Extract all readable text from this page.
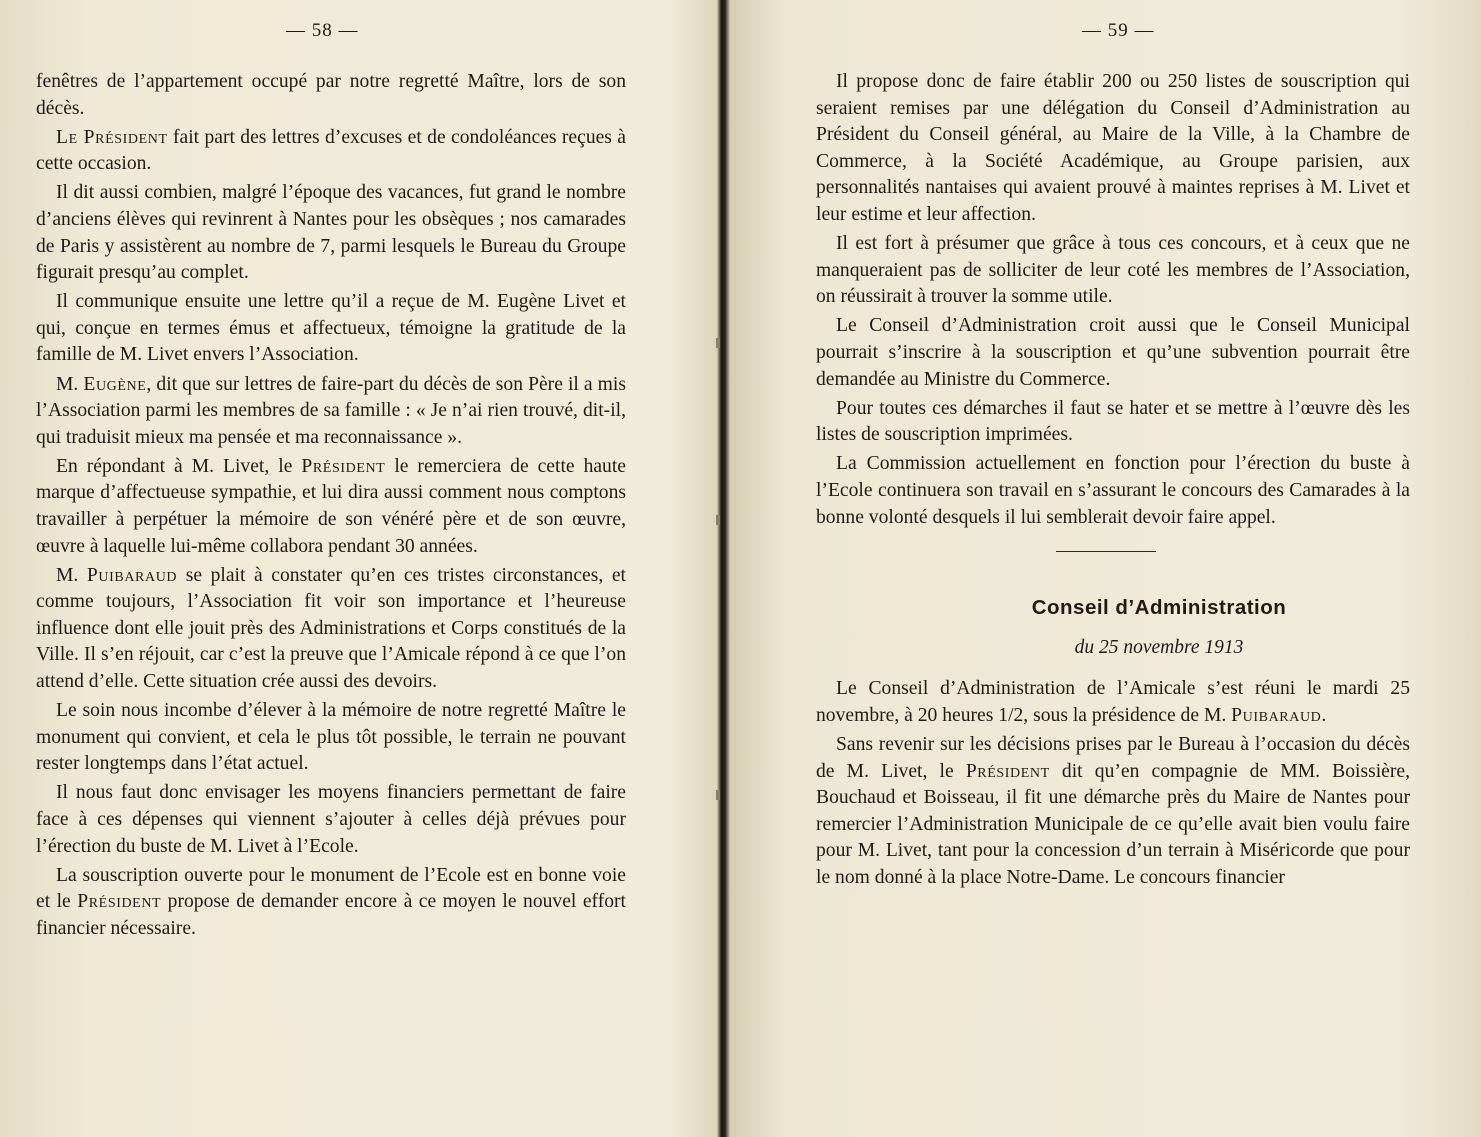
— 58 —

fenêtres de l’appartement occupé par notre regretté Maître, lors de son décès.

Le Président fait part des lettres d’excuses et de condoléances reçues à cette occasion.

Il dit aussi combien, malgré l’époque des vacances, fut grand le nombre d’anciens élèves qui revinrent à Nantes pour les obsèques ; nos camarades de Paris y assistèrent au nombre de 7, parmi lesquels le Bureau du Groupe figurait presqu’au complet.

Il communique ensuite une lettre qu’il a reçue de M. Eugène Livet et qui, conçue en termes émus et affectueux, témoigne la gratitude de la famille de M. Livet envers l’Association.

M. Eugène, dit que sur lettres de faire-part du décès de son Père il a mis l’Association parmi les membres de sa famille : « Je n’ai rien trouvé, dit-il, qui traduisit mieux ma pensée et ma reconnaissance ».

En répondant à M. Livet, le Président le remerciera de cette haute marque d’affectueuse sympathie, et lui dira aussi comment nous comptons travailler à perpétuer la mémoire de son vénéré père et de son œuvre, œuvre à laquelle lui-même collabora pendant 30 années.

M. Puibaraud se plait à constater qu’en ces tristes circonstances, et comme toujours, l’Association fit voir son importance et l’heureuse influence dont elle jouit près des Administrations et Corps constitués de la Ville. Il s’en réjouit, car c’est la preuve que l’Amicale répond à ce que l’on attend d’elle. Cette situation crée aussi des devoirs.

Le soin nous incombe d’élever à la mémoire de notre regretté Maître le monument qui convient, et cela le plus tôt possible, le terrain ne pouvant rester longtemps dans l’état actuel.

Il nous faut donc envisager les moyens financiers permettant de faire face à ces dépenses qui viennent s’ajouter à celles déjà prévues pour l’érection du buste de M. Livet à l’Ecole.

La souscription ouverte pour le monument de l’Ecole est en bonne voie et le Président propose de demander encore à ce moyen le nouvel effort financier nécessaire.

— 59 —

Il propose donc de faire établir 200 ou 250 listes de souscription qui seraient remises par une délégation du Conseil d’Administration au Président du Conseil général, au Maire de la Ville, à la Chambre de Commerce, à la Société Académique, au Groupe parisien, aux personnalités nantaises qui avaient prouvé à maintes reprises à M. Livet et leur estime et leur affection.

Il est fort à présumer que grâce à tous ces concours, et à ceux que ne manqueraient pas de solliciter de leur coté les membres de l’Association, on réussirait à trouver la somme utile.

Le Conseil d’Administration croit aussi que le Conseil Municipal pourrait s’inscrire à la souscription et qu’une subvention pourrait être demandée au Ministre du Commerce.

Pour toutes ces démarches il faut se hater et se mettre à l’œuvre dès les listes de souscription imprimées.

La Commission actuellement en fonction pour l’érection du buste à l’Ecole continuera son travail en s’assurant le concours des Camarades à la bonne volonté desquels il lui semblerait devoir faire appel.

Conseil d’Administration
du 25 novembre 1913

Le Conseil d’Administration de l’Amicale s’est réuni le mardi 25 novembre, à 20 heures 1/2, sous la présidence de M. Puibaraud.

Sans revenir sur les décisions prises par le Bureau à l’occasion du décès de M. Livet, le Président dit qu’en compagnie de MM. Boissière, Bouchaud et Boisseau, il fit une démarche près du Maire de Nantes pour remercier l’Administration Municipale de ce qu’elle avait bien voulu faire pour M. Livet, tant pour la concession d’un terrain à Miséricorde que pour le nom donné à la place Notre-Dame. Le concours financier
